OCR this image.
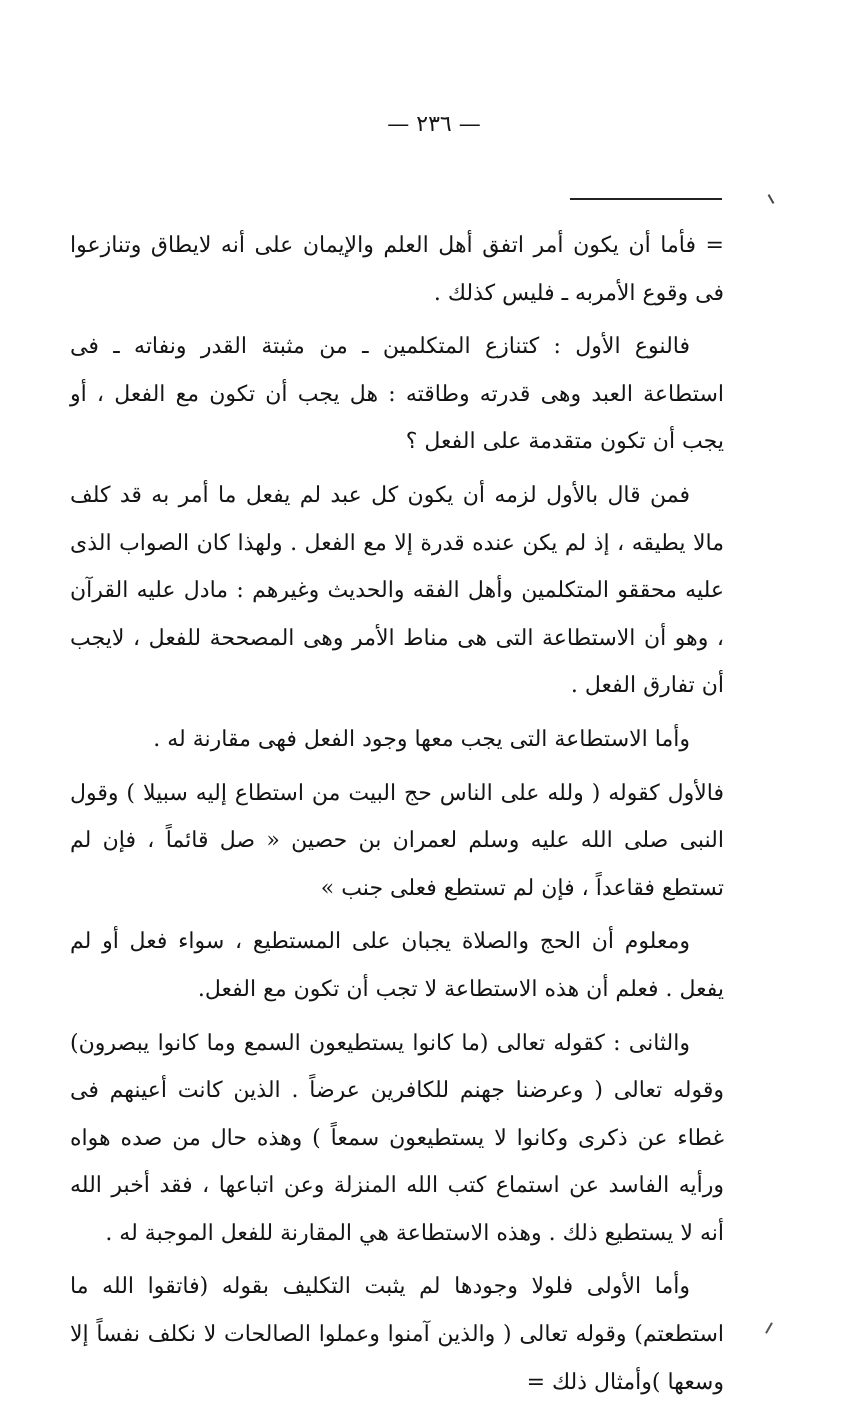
— ٢٣٦ —

= فأما أن يكون أمر اتفق أهل العلم والإيمان على أنه لايطاق وتنازعوا فى وقوع الأمربه ـ فليس كذلك .

فالنوع الأول : كتنازع المتكلمين ـ من مثبتة القدر ونفاته ـ فى استطاعة العبد وهى قدرته وطاقته : هل يجب أن تكون مع الفعل ، أو يجب أن تكون متقدمة على الفعل ؟

فمن قال بالأول لزمه أن يكون كل عبد لم يفعل ما أمر به قد كلف مالا يطيقه ، إذ لم يكن عنده قدرة إلا مع الفعل . ولهذا كان الصواب الذى عليه محققو المتكلمين وأهل الفقه والحديث وغيرهم : مادل عليه القرآن ، وهو أن الاستطاعة التى هى مناط الأمر وهى المصححة للفعل ، لايجب أن تفارق الفعل .

وأما الاستطاعة التى يجب معها وجود الفعل فهى مقارنة له .

فالأول كقوله ( ولله على الناس حج البيت من استطاع إليه سبيلا ) وقول النبى صلى الله عليه وسلم لعمران بن حصين « صل قائماً ، فإن لم تستطع فقاعداً ، فإن لم تستطع فعلى جنب »

ومعلوم أن الحج والصلاة يجبان على المستطيع ، سواء فعل أو لم يفعل . فعلم أن هذه الاستطاعة لا تجب أن تكون مع الفعل.

والثانى : كقوله تعالى (ما كانوا يستطيعون السمع وما كانوا يبصرون) وقوله تعالى ( وعرضنا جهنم للكافرين عرضاً . الذين كانت أعينهم فى غطاء عن ذكرى وكانوا لا يستطيعون سمعاً ) وهذه حال من صده هواه ورأيه الفاسد عن استماع كتب الله المنزلة وعن اتباعها ، فقد أخبر الله أنه لا يستطيع ذلك . وهذه الاستطاعة هي المقارنة للفعل الموجبة له .

وأما الأولى فلولا وجودها لم يثبت التكليف بقوله (فاتقوا الله ما استطعتم) وقوله تعالى ( والذين آمنوا وعملوا الصالحات لا نكلف نفساً إلا وسعها )وأمثال ذلك =
